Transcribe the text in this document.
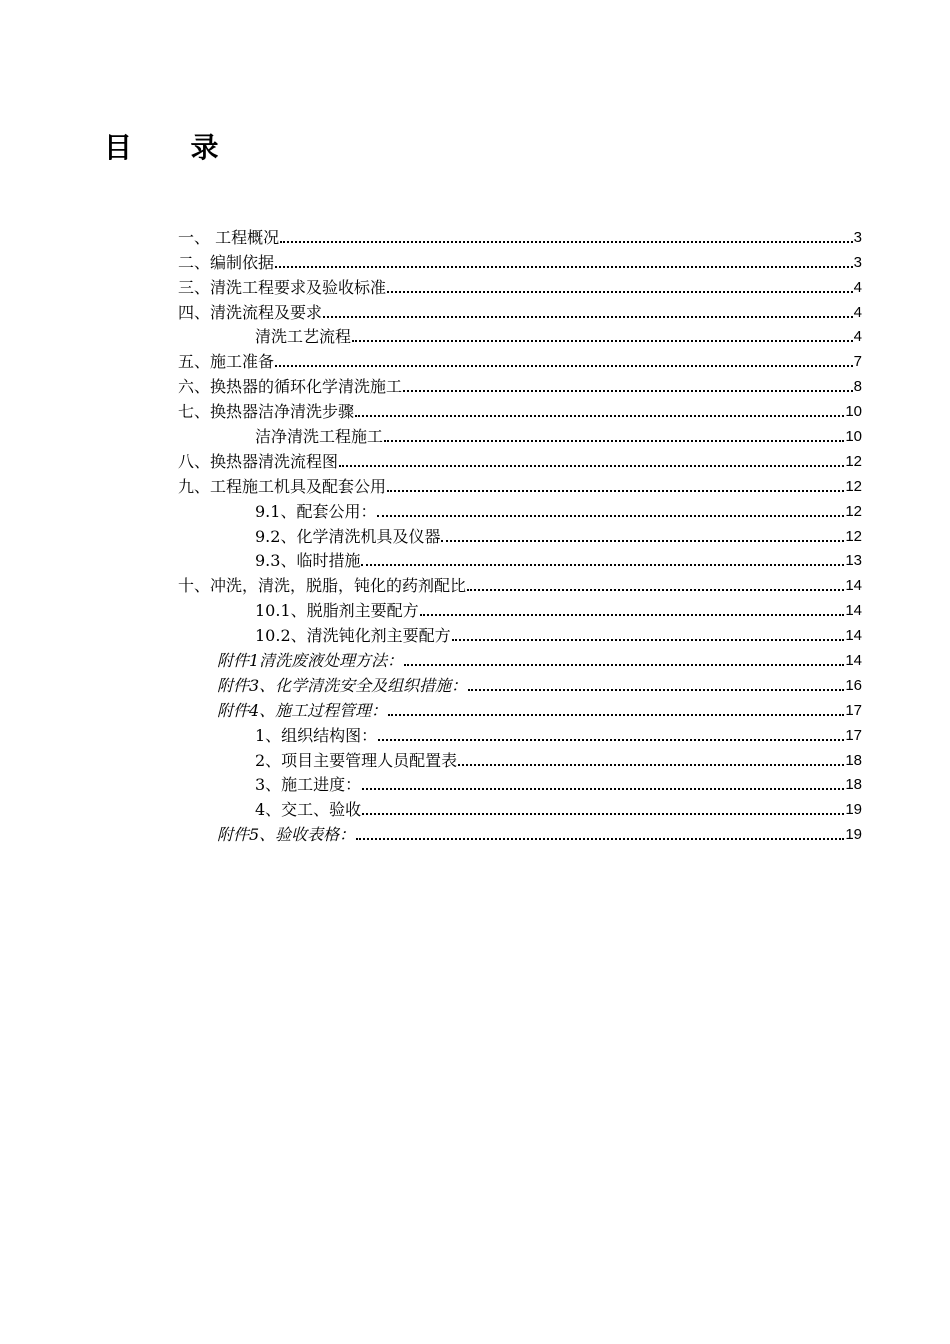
目      录
一、 工程概况	3
二、编制依据	3
三、清洗工程要求及验收标准	4
四、清洗流程及要求	4
清洗工艺流程	4
五、施工准备	7
六、换热器的循环化学清洗施工	8
七、换热器洁净清洗步骤	10
洁净清洗工程施工	10
八、换热器清洗流程图	12
九、工程施工机具及配套公用	12
9.1、配套公用：	12
9.2、化学清洗机具及仪器	12
9.3、临时措施	13
十、冲洗，清洗，脱脂，钝化的药剂配比	14
10.1、脱脂剂主要配方	14
10.2、清洗钝化剂主要配方	14
附件1清洗废液处理方法：	14
附件3、化学清洗安全及组织措施：	16
附件4、施工过程管理：	17
1、组织结构图：	17
2、项目主要管理人员配置表	18
3、施工进度：	18
4、交工、验收	19
附件5、验收表格：	19
